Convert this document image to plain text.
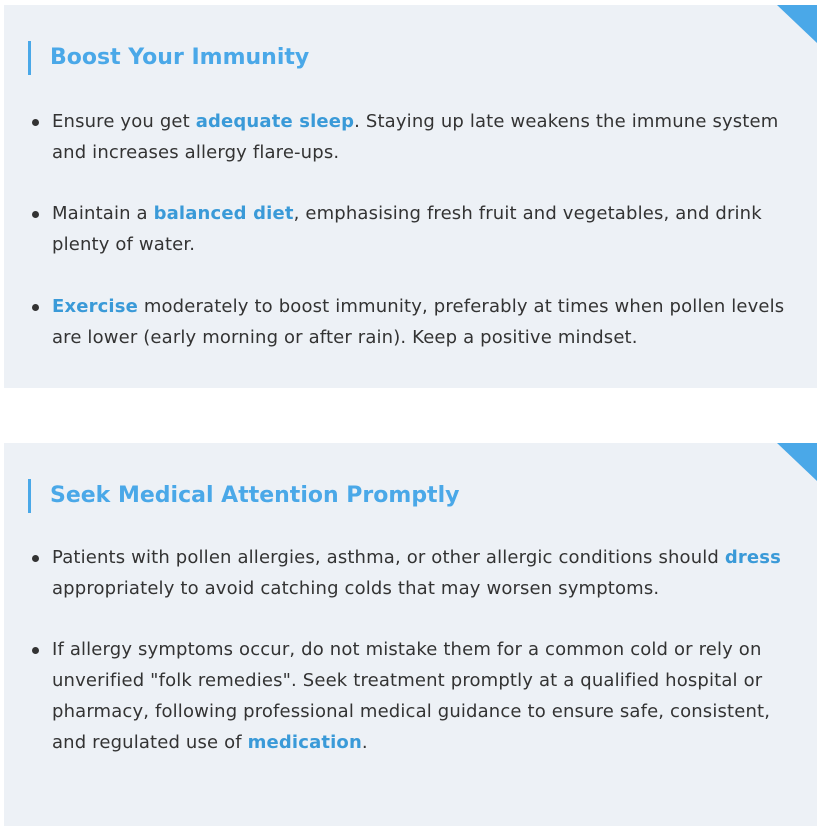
Boost Your Immunity
Ensure you get adequate sleep. Staying up late weakens the immune system and increases allergy flare-ups.
Maintain a balanced diet, emphasising fresh fruit and vegetables, and drink plenty of water.
Exercise moderately to boost immunity, preferably at times when pollen levels are lower (early morning or after rain). Keep a positive mindset.
Seek Medical Attention Promptly
Patients with pollen allergies, asthma, or other allergic conditions should dress appropriately to avoid catching colds that may worsen symptoms.
If allergy symptoms occur, do not mistake them for a common cold or rely on unverified "folk remedies". Seek treatment promptly at a qualified hospital or pharmacy, following professional medical guidance to ensure safe, consistent, and regulated use of medication.
